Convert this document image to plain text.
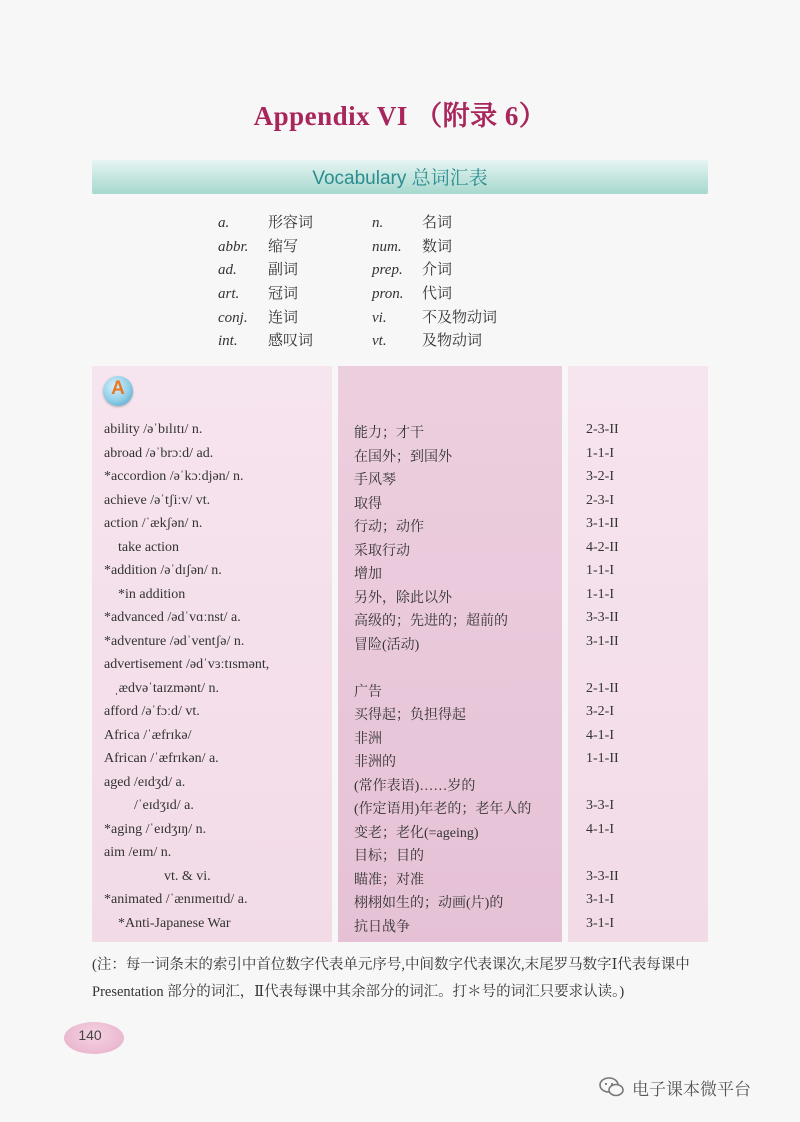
Appendix VI （附录 6）
Vocabulary 总词汇表
a.	形容词	n.	名词
abbr. 缩写	num. 数词
ad. 副词	prep. 介词
art. 冠词	pron. 代词
conj. 连词	vi. 不及物动词
int. 感叹词	vt. 及物动词
A
ability /əˈbɪlɪtɪ/ n.	能力；才干	2-3-II
abroad /əˈbrɔːd/ ad.	在国外；到国外	1-1-I
*accordion /əˈkɔːdjən/ n.	手风琴	3-2-I
achieve /əˈtʃiːv/ vt.	取得	2-3-I
action /ˈækʃən/ n.	行动；动作	3-1-II
take action	采取行动	4-2-II
*addition /əˈdɪʃən/ n.	增加	1-1-I
*in addition	另外，除此以外	1-1-I
*advanced /ədˈvɑːnst/ a.	高级的；先进的；超前的	3-3-II
*adventure /ədˈventʃə/ n.	冒险(活动)	3-1-II
advertisement /ədˈvɜːtɪsmənt,
ˌædvəˈtaɪzmənt/ n.	广告	2-1-II
afford /əˈfɔːd/ vt.	买得起；负担得起	3-2-I
Africa /ˈæfrɪkə/	非洲	4-1-I
African /ˈæfrɪkən/ a.	非洲的	1-1-II
aged /eɪdʒd/ a.	(常作表语)……岁的
/ˈeɪdʒɪd/ a.	(作定语用)年老的；老年人的	3-3-I
*aging /ˈeɪdʒɪŋ/ n.	变老；老化(=ageing)	4-1-I
aim /eɪm/ n.	目标；目的
vt. & vi.	瞄准；对准	3-3-II
*animated /ˈænɪmeɪtɪd/ a.	栩栩如生的；动画(片)的	3-1-I
*Anti-Japanese War	抗日战争	3-1-I
(注：每一词条末的索引中首位数字代表单元序号,中间数字代表课次,末尾罗马数字Ⅰ代表每课中 Presentation 部分的词汇，Ⅱ代表每课中其余部分的词汇。打＊号的词汇只要求认读。)
140
电子课本微平台
